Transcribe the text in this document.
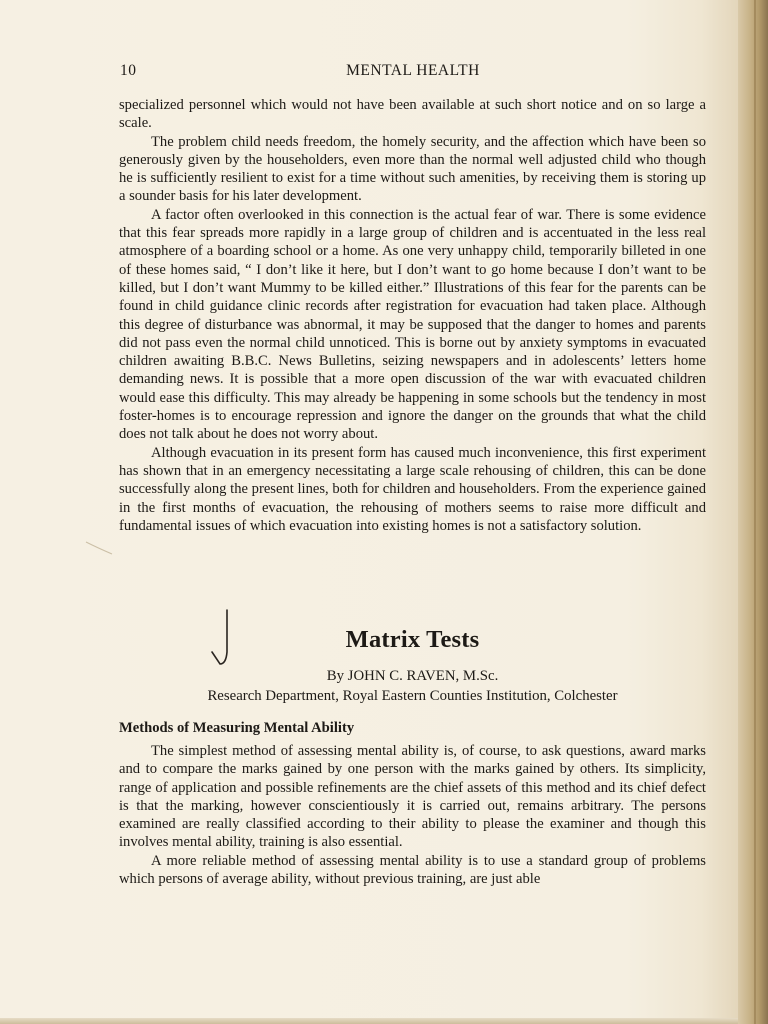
10	MENTAL HEALTH

specialized personnel which would not have been available at such short notice and on so large a scale.

The problem child needs freedom, the homely security, and the affection which have been so generously given by the householders, even more than the normal well adjusted child who though he is sufficiently resilient to exist for a time without such amenities, by receiving them is storing up a sounder basis for his later development.

A factor often overlooked in this connection is the actual fear of war. There is some evidence that this fear spreads more rapidly in a large group of children and is accentuated in the less real atmosphere of a boarding school or a home. As one very unhappy child, temporarily billeted in one of these homes said, “ I don’t like it here, but I don’t want to go home because I don’t want to be killed, but I don’t want Mummy to be killed either.” Illustrations of this fear for the parents can be found in child guidance clinic records after registration for evacuation had taken place. Although this degree of disturbance was abnormal, it may be supposed that the danger to homes and parents did not pass even the normal child unnoticed. This is borne out by anxiety symptoms in evacuated children awaiting B.B.C. News Bulletins, seizing newspapers and in adolescents’ letters home demanding news. It is possible that a more open discussion of the war with evacuated children would ease this difficulty. This may already be happening in some schools but the tendency in most foster-homes is to encourage repression and ignore the danger on the grounds that what the child does not talk about he does not worry about.

Although evacuation in its present form has caused much inconvenience, this first experiment has shown that in an emergency necessitating a large scale rehousing of children, this can be done successfully along the present lines, both for children and householders. From the experience gained in the first months of evacuation, the rehousing of mothers seems to raise more difficult and fundamental issues of which evacuation into existing homes is not a satisfactory solution.

Matrix Tests
By JOHN C. RAVEN, M.Sc.
Research Department, Royal Eastern Counties Institution, Colchester
Methods of Measuring Mental Ability

The simplest method of assessing mental ability is, of course, to ask questions, award marks and to compare the marks gained by one person with the marks gained by others. Its simplicity, range of application and possible refinements are the chief assets of this method and its chief defect is that the marking, however conscientiously it is carried out, remains arbitrary. The persons examined are really classified according to their ability to please the examiner and though this involves mental ability, training is also essential.

A more reliable method of assessing mental ability is to use a standard group of problems which persons of average ability, without previous training, are just able
